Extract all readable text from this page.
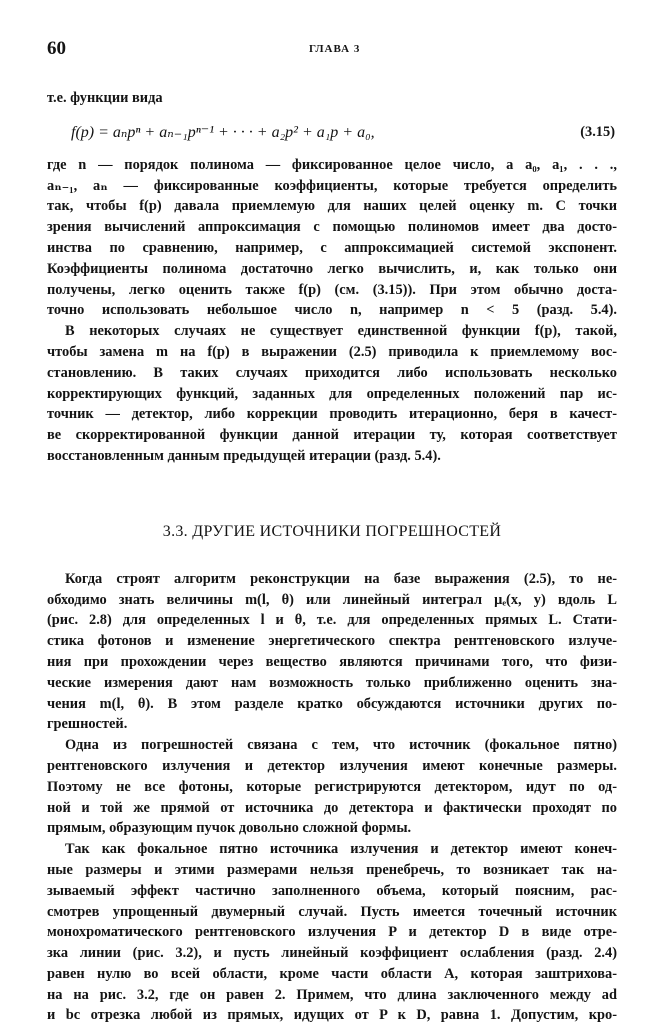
60	ГЛАВА 3
т.е. функции вида
f(p) = aₙpⁿ + aₙ₋₁pⁿ⁻¹ + · · · + a₂p² + a₁p + a₀,	(3.15)
где n — порядок полинома — фиксированное целое число, а a₀, a₁, . . .,
aₙ₋₁, aₙ — фиксированные коэффициенты, которые требуется определить
так, чтобы f(p) давала приемлемую для наших целей оценку m. С точки
зрения вычислений аппроксимация с помощью полиномов имеет два досто-
инства по сравнению, например, с аппроксимацией системой экспонент.
Коэффициенты полинома достаточно легко вычислить, и, как только они
получены, легко оценить также f(p) (см. (3.15)). При этом обычно доста-
точно использовать небольшое число n, например n < 5 (разд. 5.4).
В некоторых случаях не существует единственной функции f(p), такой,
чтобы замена m на f(p) в выражении (2.5) приводила к приемлемому вос-
становлению. В таких случаях приходится либо использовать несколько
корректирующих функций, заданных для определенных положений пар ис-
точник — детектор, либо коррекции проводить итерационно, беря в качест-
ве скорректированной функции данной итерации ту, которая соответствует
восстановленным данным предыдущей итерации (разд. 5.4).
3.3. ДРУГИЕ ИСТОЧНИКИ ПОГРЕШНОСТЕЙ
Когда строят алгоритм реконструкции на базе выражения (2.5), то не-
обходимо знать величины m(l, θ) или линейный интеграл μₑ(x, y) вдоль L
(рис. 2.8) для определенных l и θ, т.е. для определенных прямых L. Стати-
стика фотонов и изменение энергетического спектра рентгеновского излуче-
ния при прохождении через вещество являются причинами того, что физи-
ческие измерения дают нам возможность только приближенно оценить зна-
чения m(l, θ). В этом разделе кратко обсуждаются источники других по-
грешностей.
Одна из погрешностей связана с тем, что источник (фокальное пятно)
рентгеновского излучения и детектор излучения имеют конечные размеры.
Поэтому не все фотоны, которые регистрируются детектором, идут по од-
ной и той же прямой от источника до детектора и фактически проходят по
прямым, образующим пучок довольно сложной формы.
Так как фокальное пятно источника излучения и детектор имеют конеч-
ные размеры и этими размерами нельзя пренебречь, то возникает так на-
зываемый эффект частично заполненного объема, который поясним, рас-
смотрев упрощенный двумерный случай. Пусть имеется точечный источник
монохроматического рентгеновского излучения P и детектор D в виде отре-
зка линии (рис. 3.2), и пусть линейный коэффициент ослабления (разд. 2.4)
равен нулю во всей области, кроме части области A, которая заштрихова-
на на рис. 3.2, где он равен 2. Примем, что длина заключенного между ad
и bc отрезка любой из прямых, идущих от P к D, равна 1. Допустим, кро-
